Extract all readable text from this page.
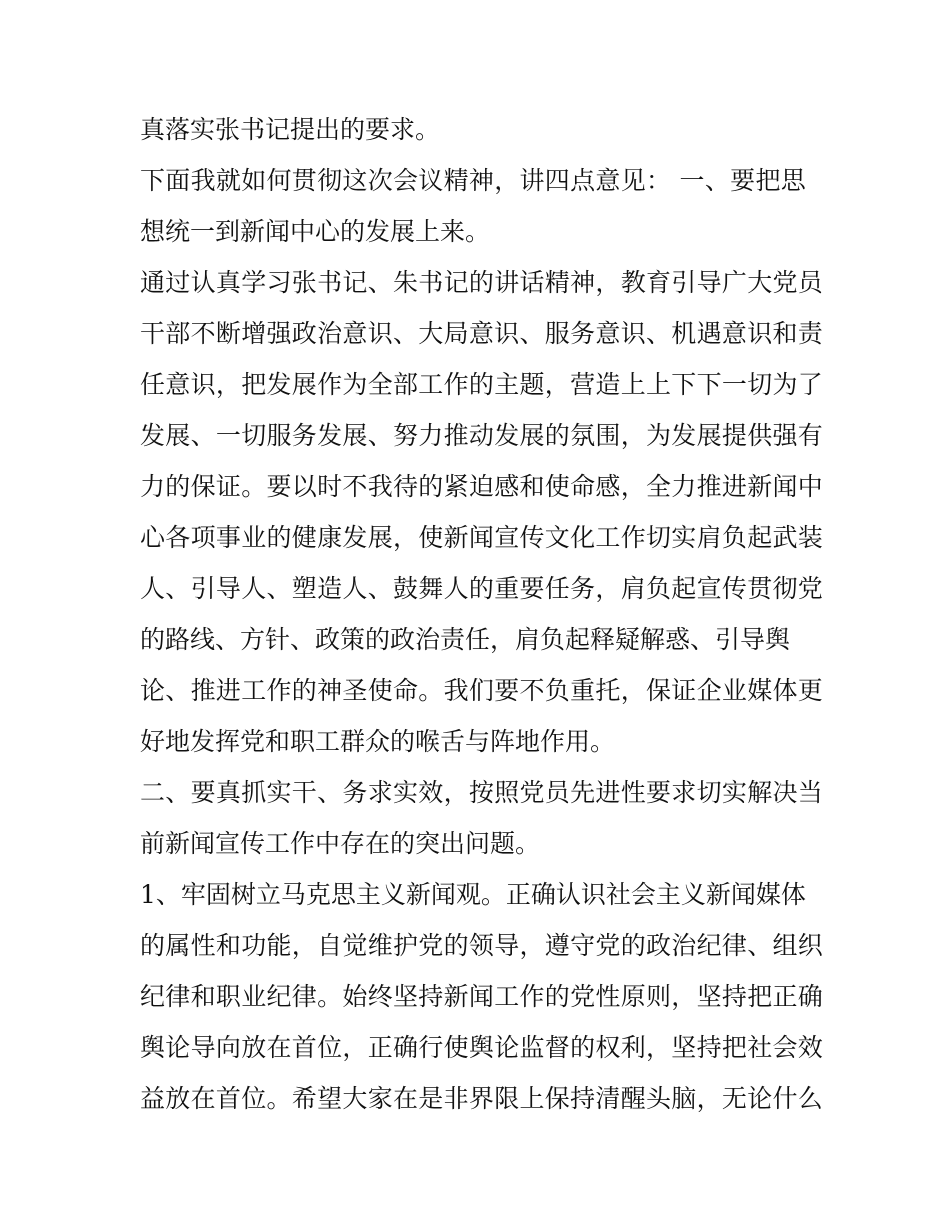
真落实张书记提出的要求。
下面我就如何贯彻这次会议精神，讲四点意见： 一、要把思
想统一到新闻中心的发展上来。
通过认真学习张书记、朱书记的讲话精神，教育引导广大党员
干部不断增强政治意识、大局意识、服务意识、机遇意识和责
任意识，把发展作为全部工作的主题，营造上上下下一切为了
发展、一切服务发展、努力推动发展的氛围，为发展提供强有
力的保证。要以时不我待的紧迫感和使命感，全力推进新闻中
心各项事业的健康发展，使新闻宣传文化工作切实肩负起武装
人、引导人、塑造人、鼓舞人的重要任务，肩负起宣传贯彻党
的路线、方针、政策的政治责任，肩负起释疑解惑、引导舆
论、推进工作的神圣使命。我们要不负重托，保证企业媒体更
好地发挥党和职工群众的喉舌与阵地作用。
二、要真抓实干、务求实效，按照党员先进性要求切实解决当
前新闻宣传工作中存在的突出问题。
1、牢固树立马克思主义新闻观。正确认识社会主义新闻媒体
的属性和功能，自觉维护党的领导，遵守党的政治纪律、组织
纪律和职业纪律。始终坚持新闻工作的党性原则，坚持把正确
舆论导向放在首位，正确行使舆论监督的权利，坚持把社会效
益放在首位。希望大家在是非界限上保持清醒头脑，无论什么
